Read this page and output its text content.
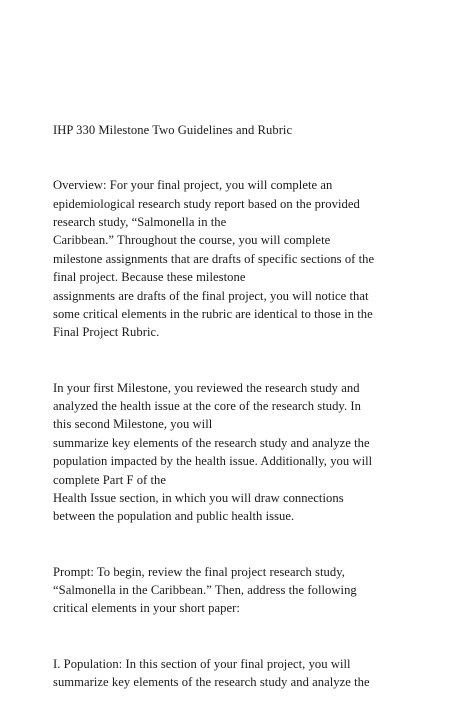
IHP 330 Milestone Two Guidelines and Rubric
Overview: For your final project, you will complete an
epidemiological research study report based on the provided
research study, “Salmonella in the
Caribbean.” Throughout the course, you will complete
milestone assignments that are drafts of specific sections of the
final project. Because these milestone
assignments are drafts of the final project, you will notice that
some critical elements in the rubric are identical to those in the
Final Project Rubric.
In your first Milestone, you reviewed the research study and
analyzed the health issue at the core of the research study. In
this second Milestone, you will
summarize key elements of the research study and analyze the
population impacted by the health issue. Additionally, you will
complete Part F of the
Health Issue section, in which you will draw connections
between the population and public health issue.
Prompt: To begin, review the final project research study,
“Salmonella in the Caribbean.” Then, address the following
critical elements in your short paper:
I. Population: In this section of your final project, you will
summarize key elements of the research study and analyze the
